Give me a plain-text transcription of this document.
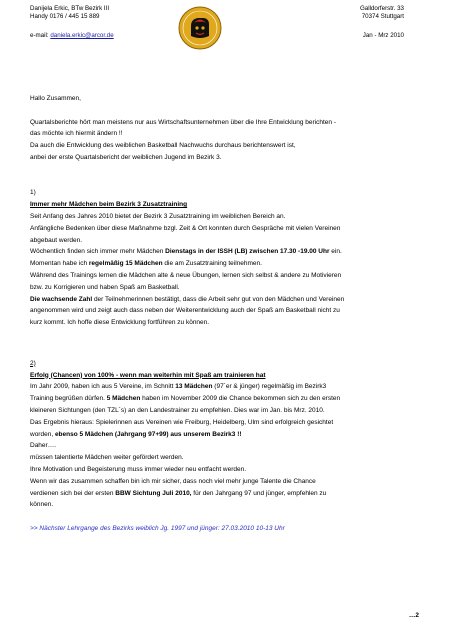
Danijela Erkic, BTw Bezirk III
Handy 0176 / 445 15 889
Galldorferstr. 33
70374 Stuttgart
e-mail: daniela.erkic@arcor.de	Jan - Mrz 2010

Hallo Zusammen,

Quartalsberichte hört man meistens nur aus Wirtschaftsunternehmen über die Ihre Entwicklung berichten -

das möchte ich hiermit ändern !!

Da auch die Entwicklung des weiblichen Basketball Nachwuchs durchaus berichtenswert ist,

anbei der erste Quartalsbericht der weiblichen Jugend im Bezirk 3.

1)

Immer mehr Mädchen beim Bezirk 3 Zusatztraining

Seit Anfang des Jahres 2010 bietet der Bezirk 3 Zusatztraining im weiblichen Bereich an.

Anfängliche Bedenken über diese Maßnahme bzgl. Zeit & Ort konnten durch Gespräche mit vielen Vereinen

abgebaut werden.

Wöchentlich finden sich immer mehr Mädchen Dienstags in der ISSH (LB) zwischen 17.30 -19.00 Uhr ein.

Momentan habe ich regelmäßig 15 Mädchen die am Zusatztraining teilnehmen.

Während des Trainings lernen die Mädchen alte & neue Übungen, lernen sich selbst & andere zu Motivieren

bzw. zu Korrigieren und haben Spaß am Basketball.

Die wachsende Zahl der Teilnehmerinnen bestätigt, dass die Arbeit sehr gut von den Mädchen und Vereinen

angenommen wird und zeigt auch dass neben der Weiterentwicklung auch der Spaß am Basketball nicht zu

kurz kommt. Ich hoffe diese Entwicklung fortführen zu können.

2)

Erfolg (Chancen) von 100% - wenn man weiterhin mit Spaß am trainieren hat

Im Jahr 2009, haben ich aus 5 Vereine, im Schnitt 13 Mädchen (97´er & jünger) regelmäßig im Bezirk3

Training begrüßen dürfen. 5 Mädchen haben im November 2009 die Chance bekommen sich zu den ersten

kleineren Sichtungen (den TZL´s) an den Landestrainer zu empfehlen. Dies war im Jan. bis Mrz. 2010.

Das Ergebnis hieraus: Spielerinnen aus Vereinen wie Freiburg, Heidelberg, Ulm sind erfolgreich gesichtet

worden, ebenso 5 Mädchen (Jahrgang 97+99) aus unserem Bezirk3 !!

Daher….

müssen talentierte Mädchen weiter gefördert werden.

Ihre Motivation und Begeisterung muss immer wieder neu entfacht werden.

Wenn wir das zusammen schaffen bin ich mir sicher, dass noch viel mehr junge Talente die Chance

verdienen sich bei der ersten BBW Sichtung Juli 2010, für den Jahrgang 97 und jünger, empfehlen zu

können.

>> Nächster Lehrgange des Bezirks weiblich Jg. 1997 und jünger: 27.03.2010 10-13 Uhr

…2
